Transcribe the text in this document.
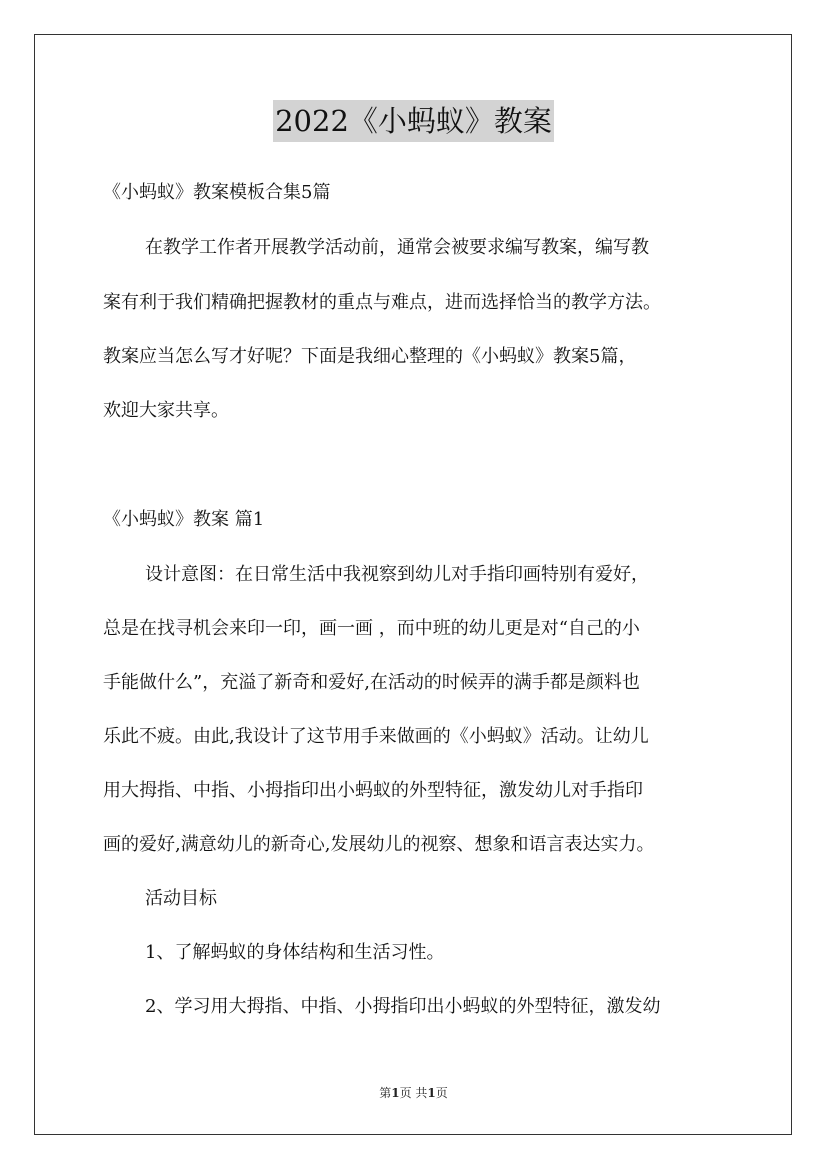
2022《小蚂蚁》教案
《小蚂蚁》教案模板合集5篇
在教学工作者开展教学活动前，通常会被要求编写教案，编写教
案有利于我们精确把握教材的重点与难点，进而选择恰当的教学方法。
教案应当怎么写才好呢？下面是我细心整理的《小蚂蚁》教案5篇，
欢迎大家共享。
《小蚂蚁》教案 篇1
设计意图：在日常生活中我视察到幼儿对手指印画特别有爱好，
总是在找寻机会来印一印，画一画 ，而中班的幼儿更是对“自己的小
手能做什么”，充溢了新奇和爱好,在活动的时候弄的满手都是颜料也
乐此不疲。由此,我设计了这节用手来做画的《小蚂蚁》活动。让幼儿
用大拇指、中指、小拇指印出小蚂蚁的外型特征，激发幼儿对手指印
画的爱好,满意幼儿的新奇心,发展幼儿的视察、想象和语言表达实力。
活动目标
1、了解蚂蚁的身体结构和生活习性。
2、学习用大拇指、中指、小拇指印出小蚂蚁的外型特征，激发幼
第1页 共1页
